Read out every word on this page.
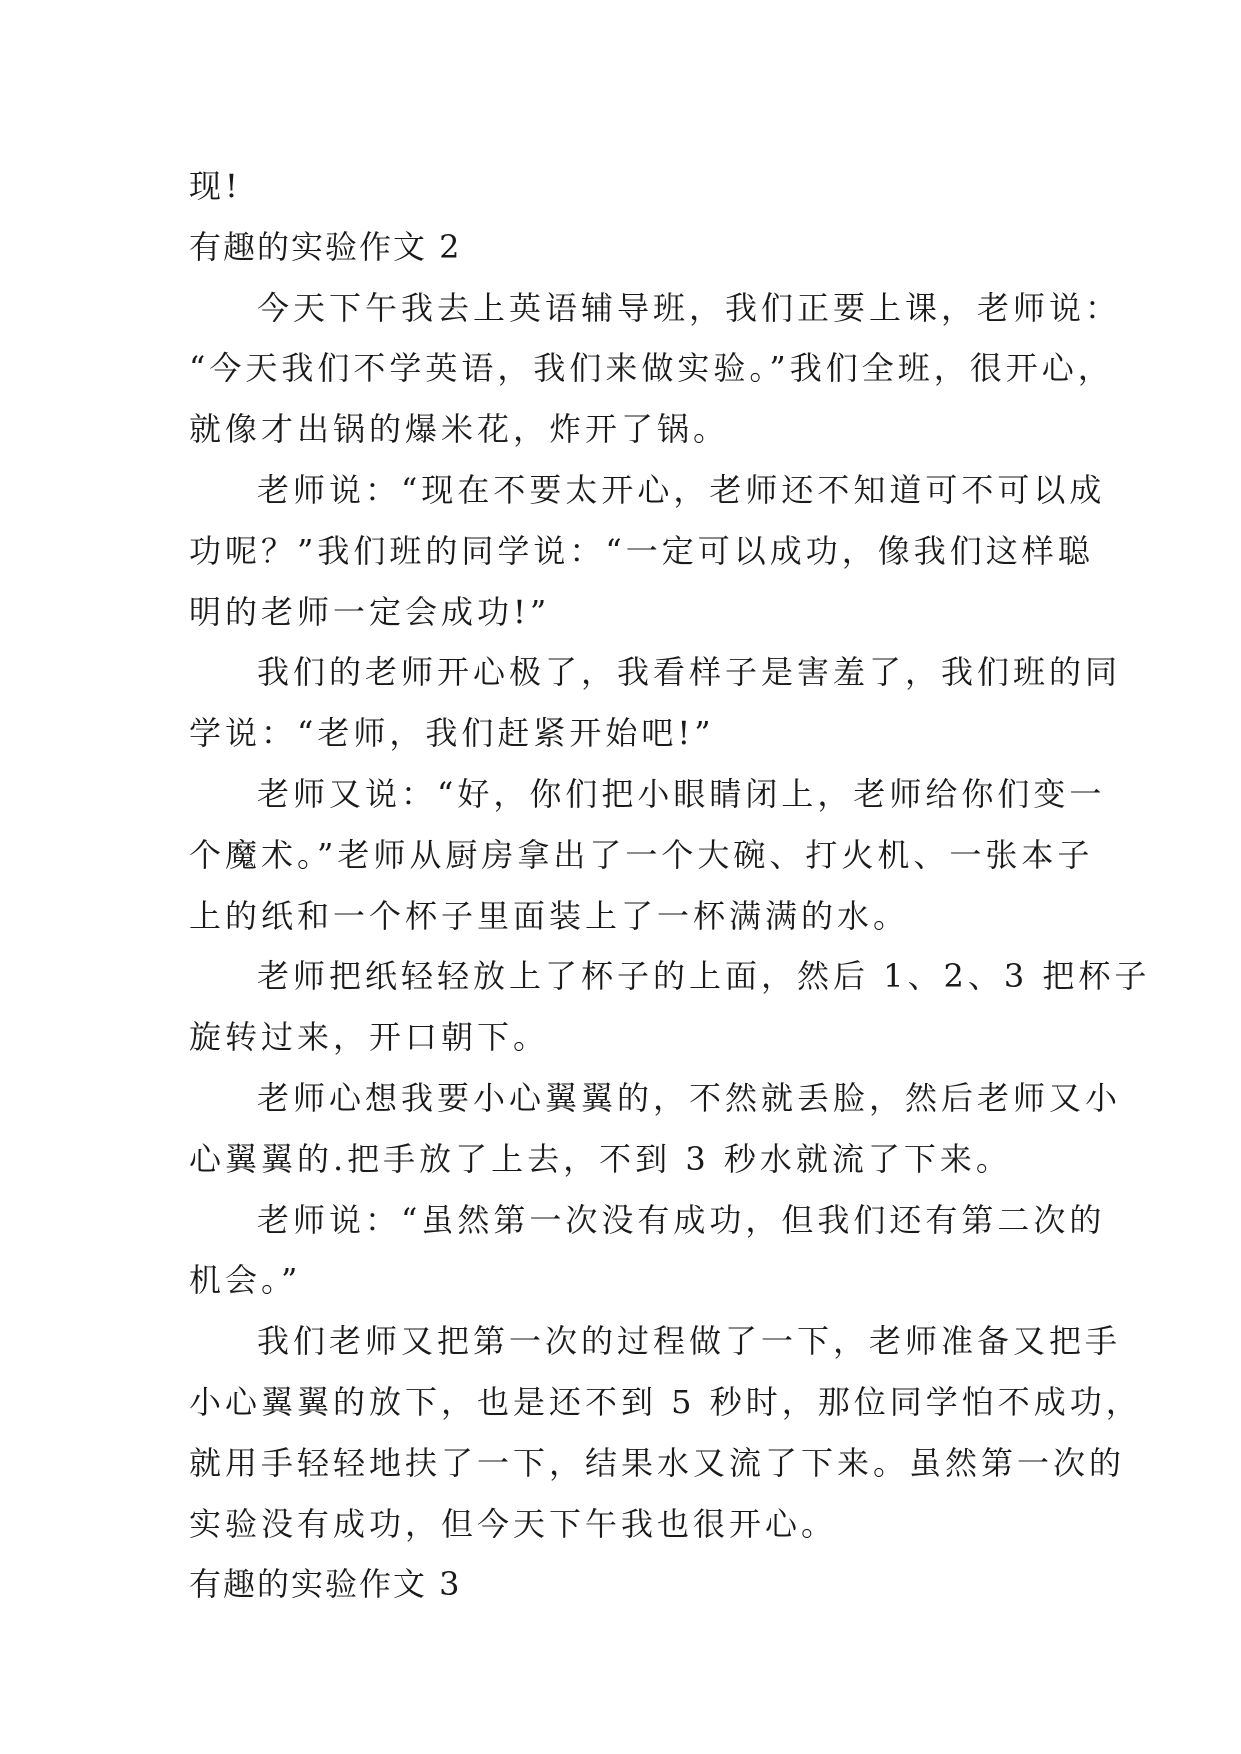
现!
有趣的实验作文 2
今天下午我去上英语辅导班，我们正要上课，老师说：
“今天我们不学英语，我们来做实验。”我们全班，很开心，
就像才出锅的爆米花，炸开了锅。
老师说：“现在不要太开心，老师还不知道可不可以成
功呢？”我们班的同学说：“一定可以成功，像我们这样聪
明的老师一定会成功!”
我们的老师开心极了，我看样子是害羞了，我们班的同
学说：“老师，我们赶紧开始吧!”
老师又说：“好，你们把小眼睛闭上，老师给你们变一
个魔术。”老师从厨房拿出了一个大碗、打火机、一张本子
上的纸和一个杯子里面装上了一杯满满的水。
老师把纸轻轻放上了杯子的上面，然后 1、2、3 把杯子
旋转过来，开口朝下。
老师心想我要小心翼翼的，不然就丢脸，然后老师又小
心翼翼的.把手放了上去，不到 3 秒水就流了下来。
老师说：“虽然第一次没有成功，但我们还有第二次的
机会。”
我们老师又把第一次的过程做了一下，老师准备又把手
小心翼翼的放下，也是还不到 5 秒时，那位同学怕不成功，
就用手轻轻地扶了一下，结果水又流了下来。虽然第一次的
实验没有成功，但今天下午我也很开心。
有趣的实验作文 3
